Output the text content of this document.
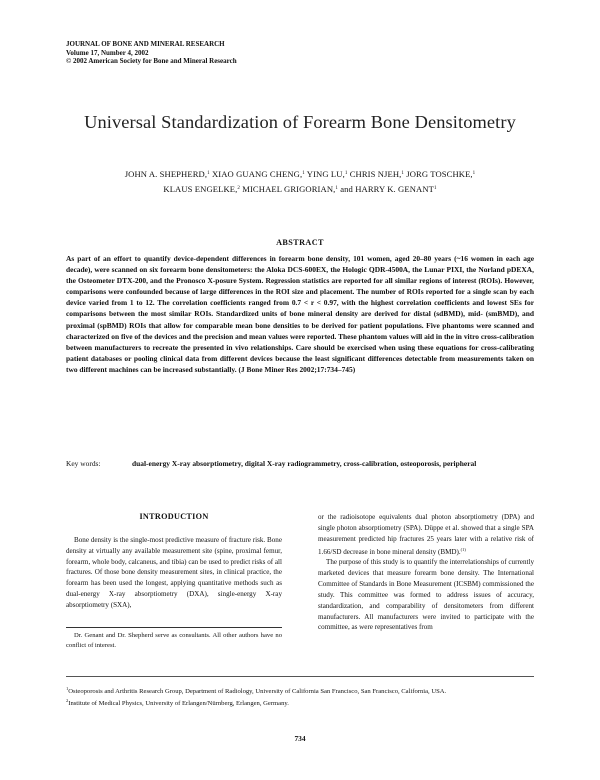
JOURNAL OF BONE AND MINERAL RESEARCH
Volume 17, Number 4, 2002
© 2002 American Society for Bone and Mineral Research
Universal Standardization of Forearm Bone Densitometry
JOHN A. SHEPHERD,$^1$ XIAO GUANG CHENG,$^1$ YING LU,$^1$ CHRIS NJEH,$^1$ JORG TOSCHKE,$^1$
KLAUS ENGELKE,$^2$ MICHAEL GRIGORIAN,$^1$ and HARRY K. GENANT$^1$
ABSTRACT
As part of an effort to quantify device-dependent differences in forearm bone density, 101 women, aged 20–80 years (~16 women in each age decade), were scanned on six forearm bone densitometers: the Aloka DCS-600EX, the Hologic QDR-4500A, the Lunar PIXI, the Norland pDEXA, the Osteometer DTX-200, and the Pronosco X-posure System. Regression statistics are reported for all similar regions of interest (ROIs). However, comparisons were confounded because of large differences in the ROI size and placement. The number of ROIs reported for a single scan by each device varied from 1 to 12. The correlation coefficients ranged from 0.7 < r < 0.97, with the highest correlation coefficients and lowest SEs for comparisons between the most similar ROIs. Standardized units of bone mineral density are derived for distal (sdBMD), mid- (smBMD), and proximal (spBMD) ROIs that allow for comparable mean bone densities to be derived for patient populations. Five phantoms were scanned and characterized on five of the devices and the precision and mean values were reported. These phantom values will aid in the in vitro cross-calibration between manufacturers to recreate the presented in vivo relationships. Care should be exercised when using these equations for cross-calibrating patient databases or pooling clinical data from different devices because the least significant differences detectable from measurements taken on two different machines can be increased substantially. (J Bone Miner Res 2002;17:734–745)
Key words:	dual-energy X-ray absorptiometry, digital X-ray radiogrammetry, cross-calibration, osteoporosis, peripheral
INTRODUCTION

Bone density is the single-most predictive measure of fracture risk. Bone density at virtually any available measurement site (spine, proximal femur, forearm, whole body, calcaneus, and tibia) can be used to predict risks of all fractures. Of those bone density measurement sites, in clinical practice, the forearm has been used the longest, applying quantitative methods such as dual-energy X-ray absorptiometry (DXA), single-energy X-ray absorptiometry (SXA),

Dr. Genant and Dr. Shepherd serve as consultants. All other authors have no conflict of interest.

or the radioisotope equivalents dual photon absorptiometry (DPA) and single photon absorptiometry (SPA). Düppe et al. showed that a single SPA measurement predicted hip fractures 25 years later with a relative risk of 1.66/SD decrease in bone mineral density (BMD).$^{(1)}$

The purpose of this study is to quantify the interrelationships of currently marketed devices that measure forearm bone density. The International Committee of Standards in Bone Measurement (ICSBM) commissioned the study. This committee was formed to address issues of accuracy, standardization, and comparability of densitometers from different manufacturers. All manufacturers were invited to participate with the committee, as were representatives from

$^1$Osteoporosis and Arthritis Research Group, Department of Radiology, University of California San Francisco, San Francisco, California, USA.
$^2$Institute of Medical Physics, University of Erlangen/Nürnberg, Erlangen, Germany.
734
